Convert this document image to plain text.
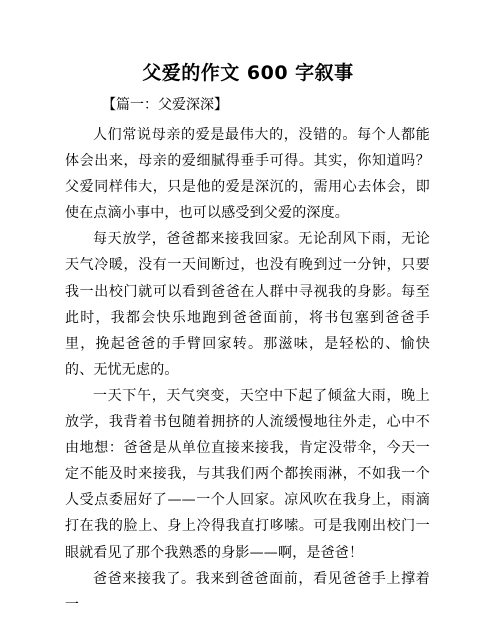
父爱的作文 600 字叙事
【篇一：父爱深深】

人们常说母亲的爱是最伟大的，没错的。每个人都能体会出来，母亲的爱细腻得垂手可得。其实，你知道吗？父爱同样伟大，只是他的爱是深沉的，需用心去体会，即使在点滴小事中，也可以感受到父爱的深度。

每天放学，爸爸都来接我回家。无论刮风下雨，无论天气冷暖，没有一天间断过，也没有晚到过一分钟，只要我一出校门就可以看到爸爸在人群中寻视我的身影。每至此时，我都会快乐地跑到爸爸面前，将书包塞到爸爸手里，挽起爸爸的手臂回家转。那滋味，是轻松的、愉快的、无忧无虑的。

一天下午，天气突变，天空中下起了倾盆大雨，晚上放学，我背着书包随着拥挤的人流缓慢地往外走，心中不由地想：爸爸是从单位直接来接我，肯定没带伞，今天一定不能及时来接我，与其我们两个都挨雨淋，不如我一个人受点委屈好了——一个人回家。凉风吹在我身上，雨滴打在我的脸上、身上冷得我直打哆嗦。可是我刚出校门一眼就看见了那个我熟悉的身影——啊，是爸爸！

爸爸来接我了。我来到爸爸面前，看见爸爸手上撑着一
